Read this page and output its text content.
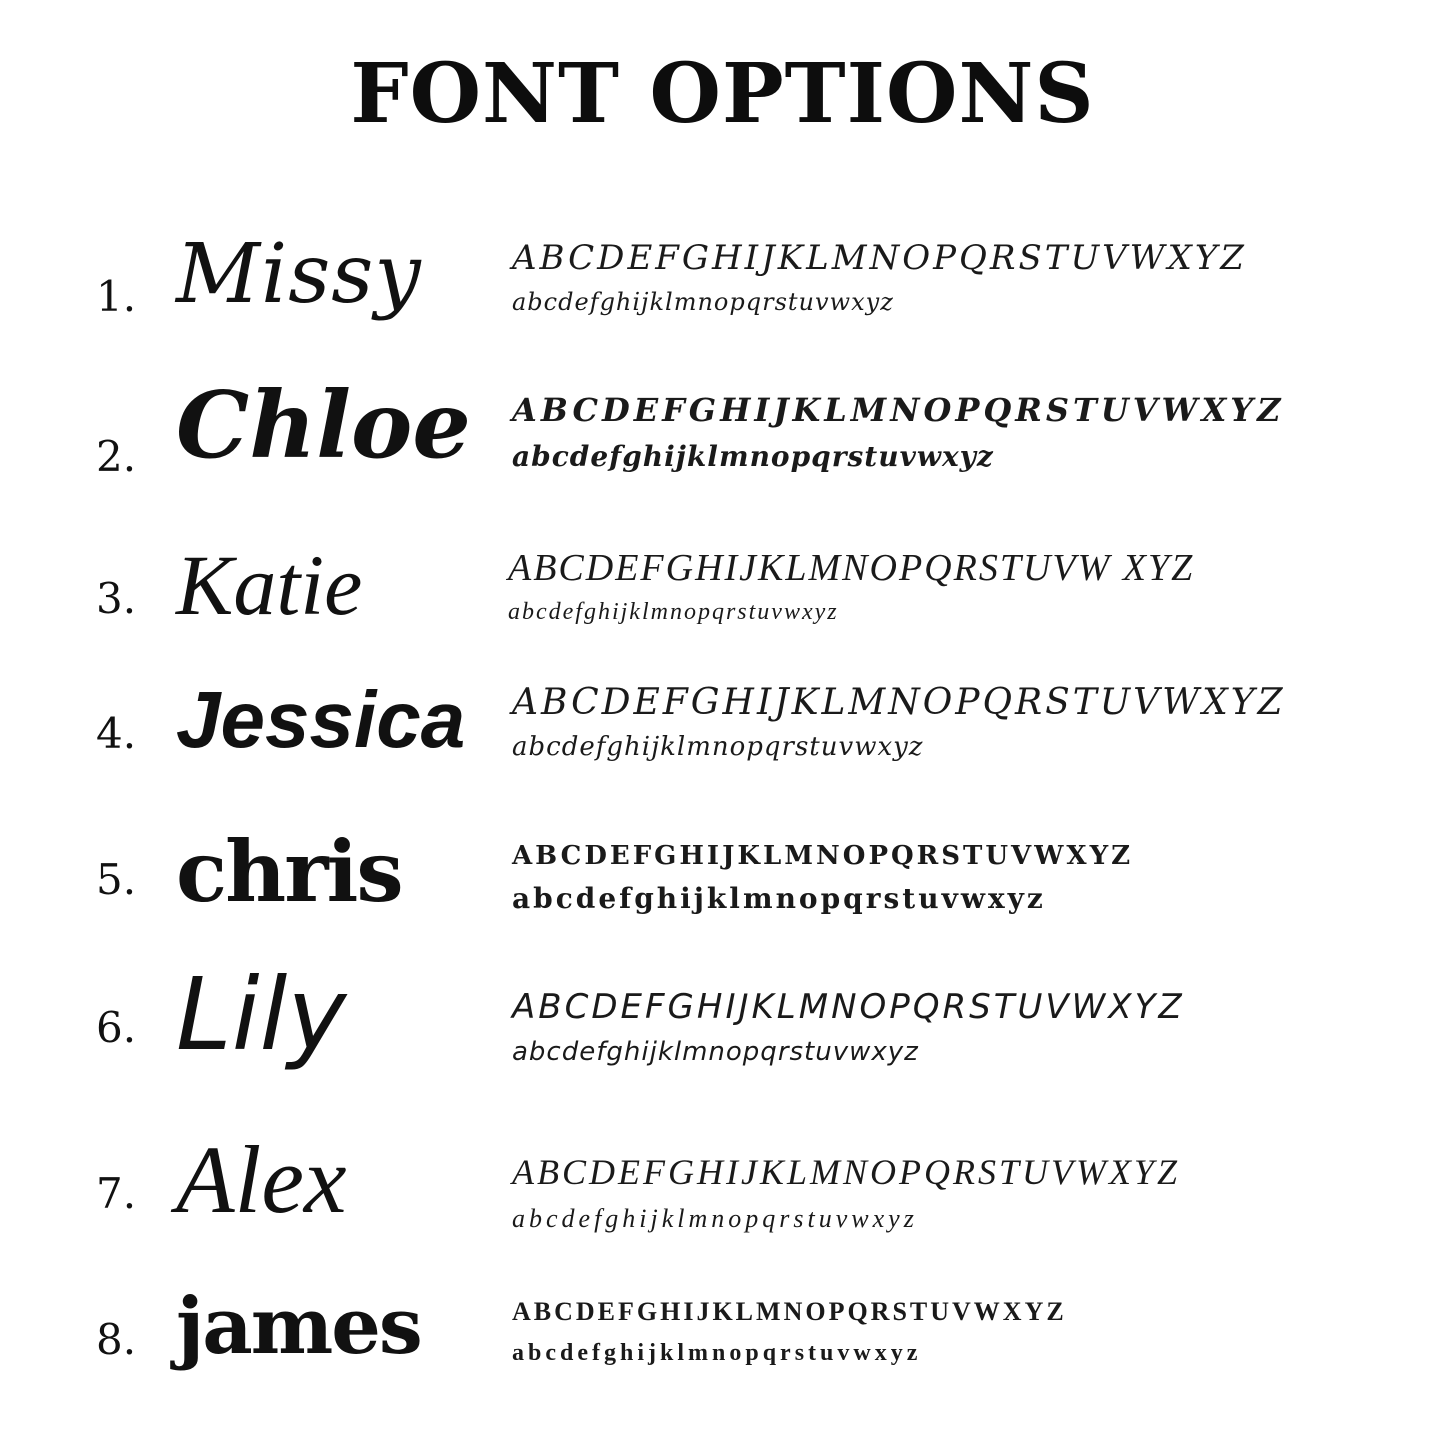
FONT OPTIONS
1. Missy	ABCDEFGHIJKLMNOPQRSTUVWXYZ
abcdefghijklmnopqrstuvwxyz
2. Chloe ABCDEFGHIJKLMNOPQRSTUVWXYZ
abcdefghijklmnopqrstuvwxyz
3. Katie	ABCDEFGHIJKLMNOPQRSTUVW XYZ
abcdefghijklmnopqrstuvwxyz
4. Jessica	ABCDEFGHIJKLMNOPQRSTUVWXYZ
abcdefghijklmnopqrstuvwxyz
5. chris	ABCDEFGHIJKLMNOPQRSTUVWXYZ
abcdefghijklmnopqrstuvwxyz
6. Lily	ABCDEFGHIJKLMNOPQRSTUVWXYZ
abcdefghijklmnopqrstuvwxyz
7. Alex	ABCDEFGHIJKLMNOPQRSTUVWXYZ
abcdefghijklmnopqrstuvwxyz
8. james	ABCDEFGHIJKLMNOPQRSTUVWXYZ
abcdefghijklmnopqrstuvwxyz
